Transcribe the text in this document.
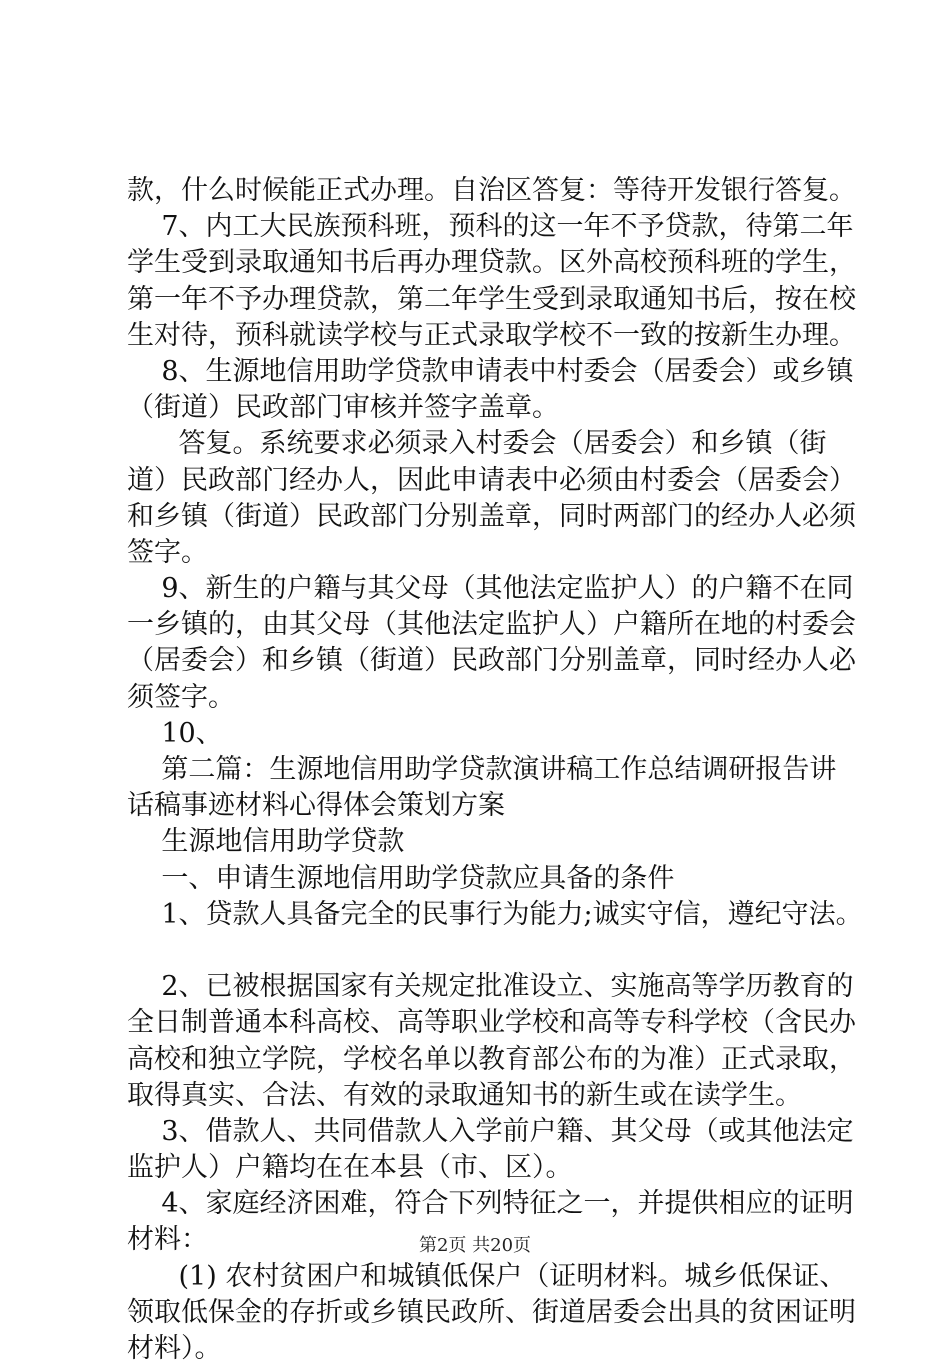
款，什么时候能正式办理。自治区答复：等待开发银行答复。
7、内工大民族预科班，预科的这一年不予贷款，待第二年
学生受到录取通知书后再办理贷款。区外高校预科班的学生，
第一年不予办理贷款，第二年学生受到录取通知书后，按在校
生对待，预科就读学校与正式录取学校不一致的按新生办理。
8、生源地信用助学贷款申请表中村委会（居委会）或乡镇
（街道）民政部门审核并签字盖章。
答复。系统要求必须录入村委会（居委会）和乡镇（街
道）民政部门经办人，因此申请表中必须由村委会（居委会）
和乡镇（街道）民政部门分别盖章，同时两部门的经办人必须
签字。
9、新生的户籍与其父母（其他法定监护人）的户籍不在同
一乡镇的，由其父母（其他法定监护人）户籍所在地的村委会
（居委会）和乡镇（街道）民政部门分别盖章，同时经办人必
须签字。
10、
第二篇：生源地信用助学贷款演讲稿工作总结调研报告讲
话稿事迹材料心得体会策划方案
生源地信用助学贷款
一、申请生源地信用助学贷款应具备的条件
1、贷款人具备完全的民事行为能力;诚实守信，遵纪守法。
2、已被根据国家有关规定批准设立、实施高等学历教育的
全日制普通本科高校、高等职业学校和高等专科学校（含民办
高校和独立学院，学校名单以教育部公布的为准）正式录取，
取得真实、合法、有效的录取通知书的新生或在读学生。
3、借款人、共同借款人入学前户籍、其父母（或其他法定
监护人）户籍均在在本县（市、区）。
4、家庭经济困难，符合下列特征之一，并提供相应的证明
材料：
(1) 农村贫困户和城镇低保户（证明材料。城乡低保证、
领取低保金的存折或乡镇民政所、街道居委会出具的贫困证明
材料）。
第2页 共20页
